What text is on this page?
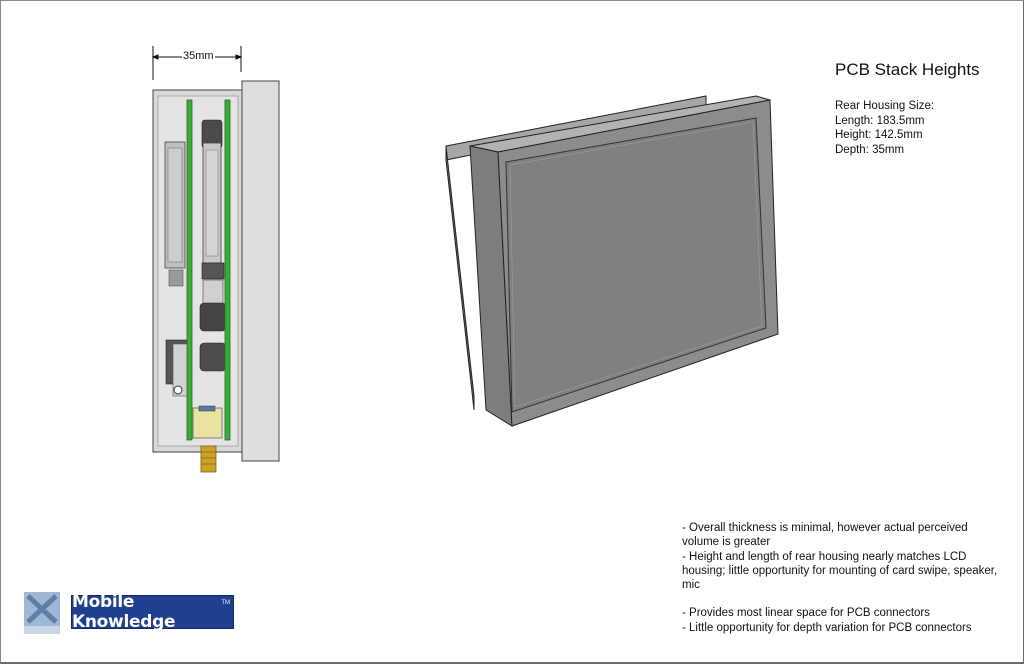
35mm
PCB Stack Heights
Rear Housing Size:
Length: 183.5mm
Height: 142.5mm
Depth: 35mm
- Overall thickness is minimal, however actual perceived volume is greater
- Height and length of rear housing nearly matches LCD housing; little opportunity for mounting of card swipe, speaker, mic
- Provides most linear space for PCB connectors
- Little opportunity for depth variation for PCB connectors
Mobile Knowledge
TM
